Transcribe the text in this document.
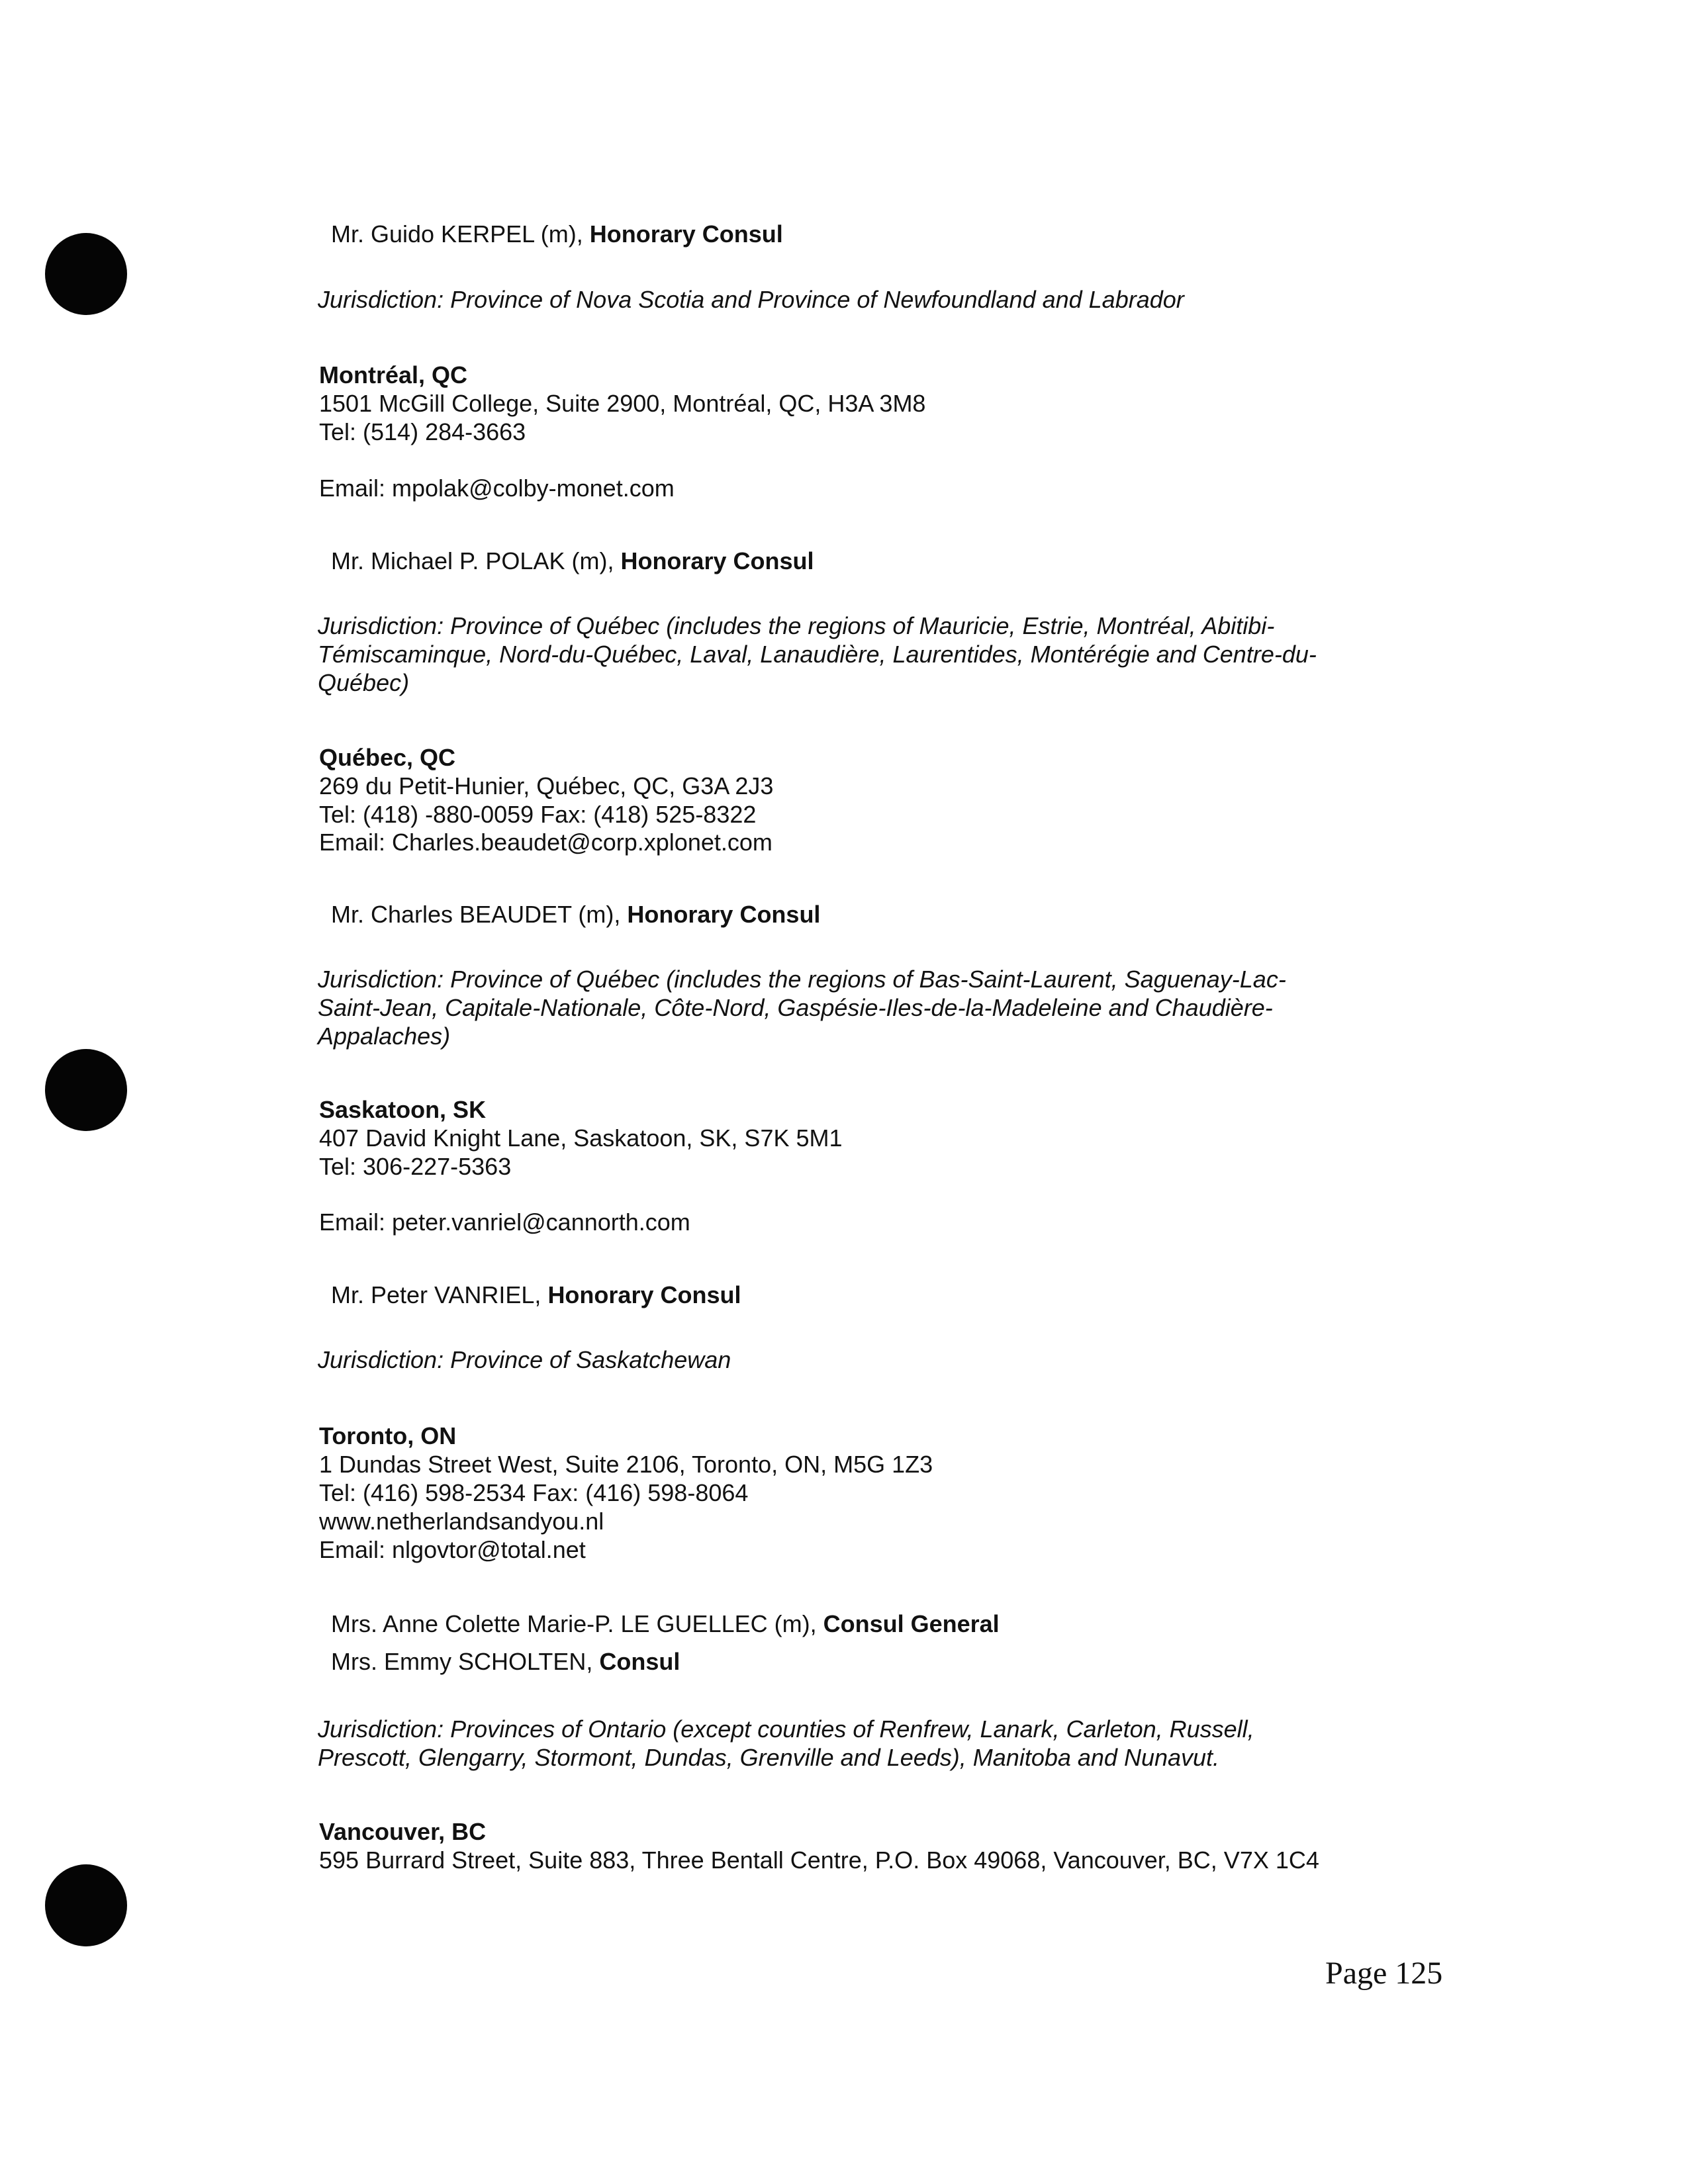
Mr. Guido KERPEL (m), Honorary Consul
Jurisdiction: Province of Nova Scotia and Province of Newfoundland and Labrador
Montréal, QC
1501 McGill College, Suite 2900, Montréal, QC, H3A 3M8
Tel: (514) 284-3663
Email: mpolak@colby-monet.com
Mr. Michael P. POLAK (m), Honorary Consul
Jurisdiction: Province of Québec (includes the regions of Mauricie, Estrie, Montréal, Abitibi-
Témiscaminque, Nord-du-Québec, Laval, Lanaudière, Laurentides, Montérégie and Centre-du-
Québec)
Québec, QC
269 du Petit-Hunier, Québec, QC, G3A 2J3
Tel: (418) -880-0059 Fax: (418) 525-8322
Email: Charles.beaudet@corp.xplonet.com
Mr. Charles BEAUDET (m), Honorary Consul
Jurisdiction: Province of Québec (includes the regions of Bas-Saint-Laurent, Saguenay-Lac-
Saint-Jean, Capitale-Nationale, Côte-Nord, Gaspésie-Iles-de-la-Madeleine and Chaudière-
Appalaches)
Saskatoon, SK
407 David Knight Lane, Saskatoon, SK, S7K 5M1
Tel: 306-227-5363
Email: peter.vanriel@cannorth.com
Mr. Peter VANRIEL, Honorary Consul
Jurisdiction: Province of Saskatchewan
Toronto, ON
1 Dundas Street West, Suite 2106, Toronto, ON, M5G 1Z3
Tel: (416) 598-2534 Fax: (416) 598-8064
www.netherlandsandyou.nl
Email: nlgovtor@total.net
Mrs. Anne Colette Marie-P. LE GUELLEC (m), Consul General
Mrs. Emmy SCHOLTEN, Consul
Jurisdiction: Provinces of Ontario (except counties of Renfrew, Lanark, Carleton, Russell,
Prescott, Glengarry, Stormont, Dundas, Grenville and Leeds), Manitoba and Nunavut.
Vancouver, BC
595 Burrard Street, Suite 883, Three Bentall Centre, P.O. Box 49068, Vancouver, BC, V7X 1C4
Page 125
